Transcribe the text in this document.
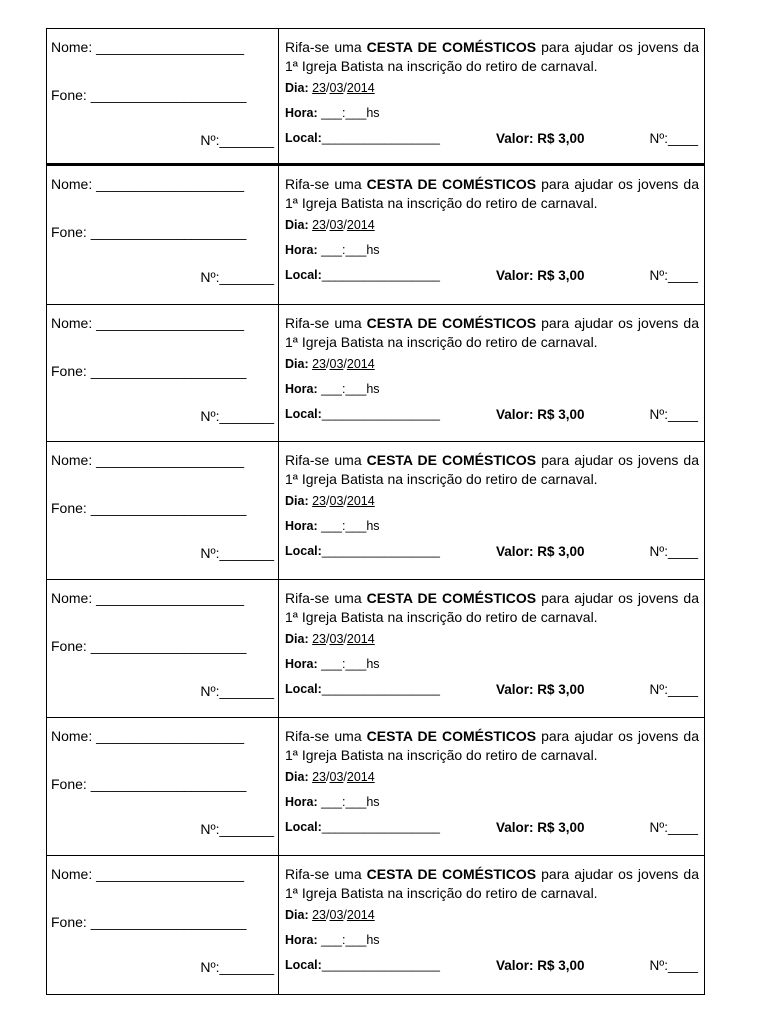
Nome: ___________________
Fone: ____________________
Nº:_______
Rifa-se uma CESTA DE COMÉSTICOS para ajudar os jovens da 1ª Igreja Batista na inscrição do retiro de carnaval.
Dia: 23/03/2014
Hora: ___:___hs
Local:_________________	Valor: R$ 3,00	Nº:____
Nome: ___________________
Fone: ____________________
Nº:_______
Rifa-se uma CESTA DE COMÉSTICOS para ajudar os jovens da 1ª Igreja Batista na inscrição do retiro de carnaval.
Dia: 23/03/2014
Hora: ___:___hs
Local:_________________	Valor: R$ 3,00	Nº:____
Nome: ___________________
Fone: ____________________
Nº:_______
Rifa-se uma CESTA DE COMÉSTICOS para ajudar os jovens da 1ª Igreja Batista na inscrição do retiro de carnaval.
Dia: 23/03/2014
Hora: ___:___hs
Local:_________________	Valor: R$ 3,00	Nº:____
Nome: ___________________
Fone: ____________________
Nº:_______
Rifa-se uma CESTA DE COMÉSTICOS para ajudar os jovens da 1ª Igreja Batista na inscrição do retiro de carnaval.
Dia: 23/03/2014
Hora: ___:___hs
Local:_________________	Valor: R$ 3,00	Nº:____
Nome: ___________________
Fone: ____________________
Nº:_______
Rifa-se uma CESTA DE COMÉSTICOS para ajudar os jovens da 1ª Igreja Batista na inscrição do retiro de carnaval.
Dia: 23/03/2014
Hora: ___:___hs
Local:_________________	Valor: R$ 3,00	Nº:____
Nome: ___________________
Fone: ____________________
Nº:_______
Rifa-se uma CESTA DE COMÉSTICOS para ajudar os jovens da 1ª Igreja Batista na inscrição do retiro de carnaval.
Dia: 23/03/2014
Hora: ___:___hs
Local:_________________	Valor: R$ 3,00	Nº:____
Nome: ___________________
Fone: ____________________
Nº:_______
Rifa-se uma CESTA DE COMÉSTICOS para ajudar os jovens da 1ª Igreja Batista na inscrição do retiro de carnaval.
Dia: 23/03/2014
Hora: ___:___hs
Local:_________________	Valor: R$ 3,00	Nº:____
